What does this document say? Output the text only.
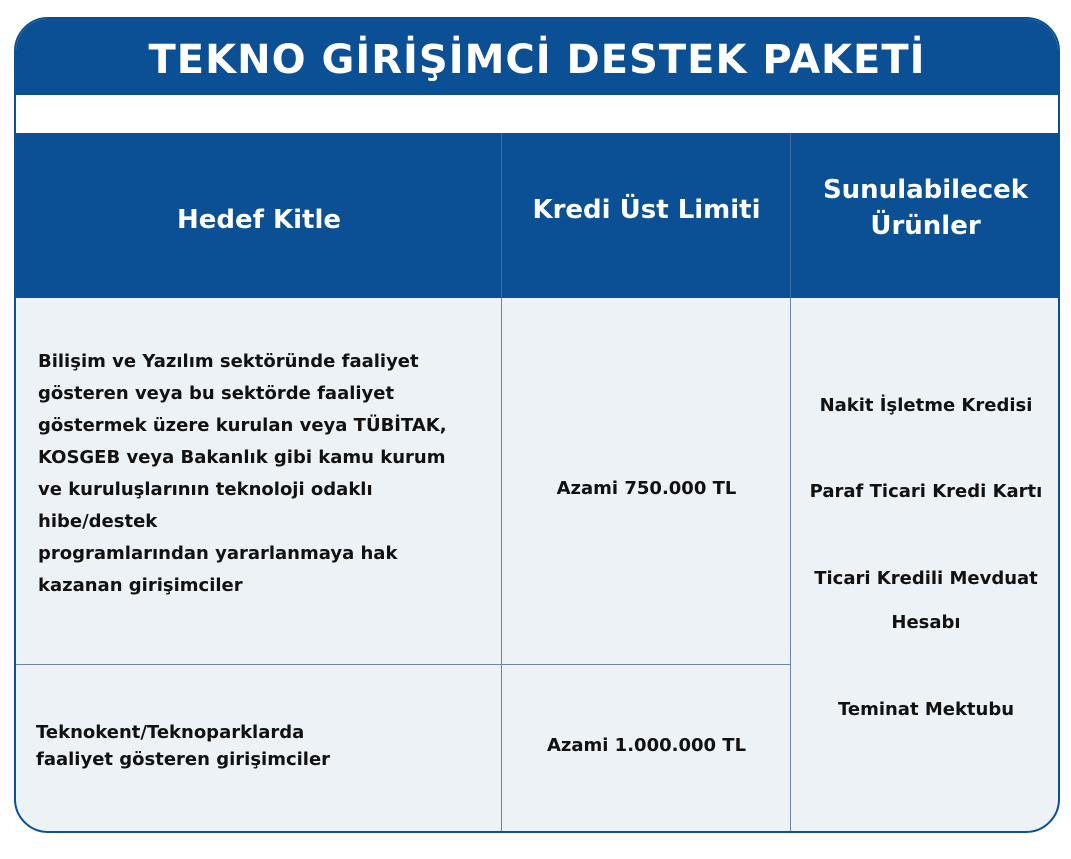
TEKNO GİRİŞİMCİ DESTEK PAKETİ
Hedef Kitle	Kredi Üst Limiti
Sunulabilecek
Ürünler
Bilişim ve Yazılım sektöründe faaliyet
gösteren veya bu sektörde faaliyet
göstermek üzere kurulan veya TÜBİTAK,
KOSGEB veya Bakanlık gibi kamu kurum
ve kuruluşlarının teknoloji odaklı hibe/destek
programlarından yararlanmaya hak
kazanan girişimciler
Azami 750.000 TL
Teknokent/Teknoparklarda
faaliyet gösteren girişimciler
Azami 1.000.000 TL
Nakit İşletme Kredisi
Paraf Ticari Kredi Kartı
Ticari Kredili Mevduat
Hesabı
Teminat Mektubu
